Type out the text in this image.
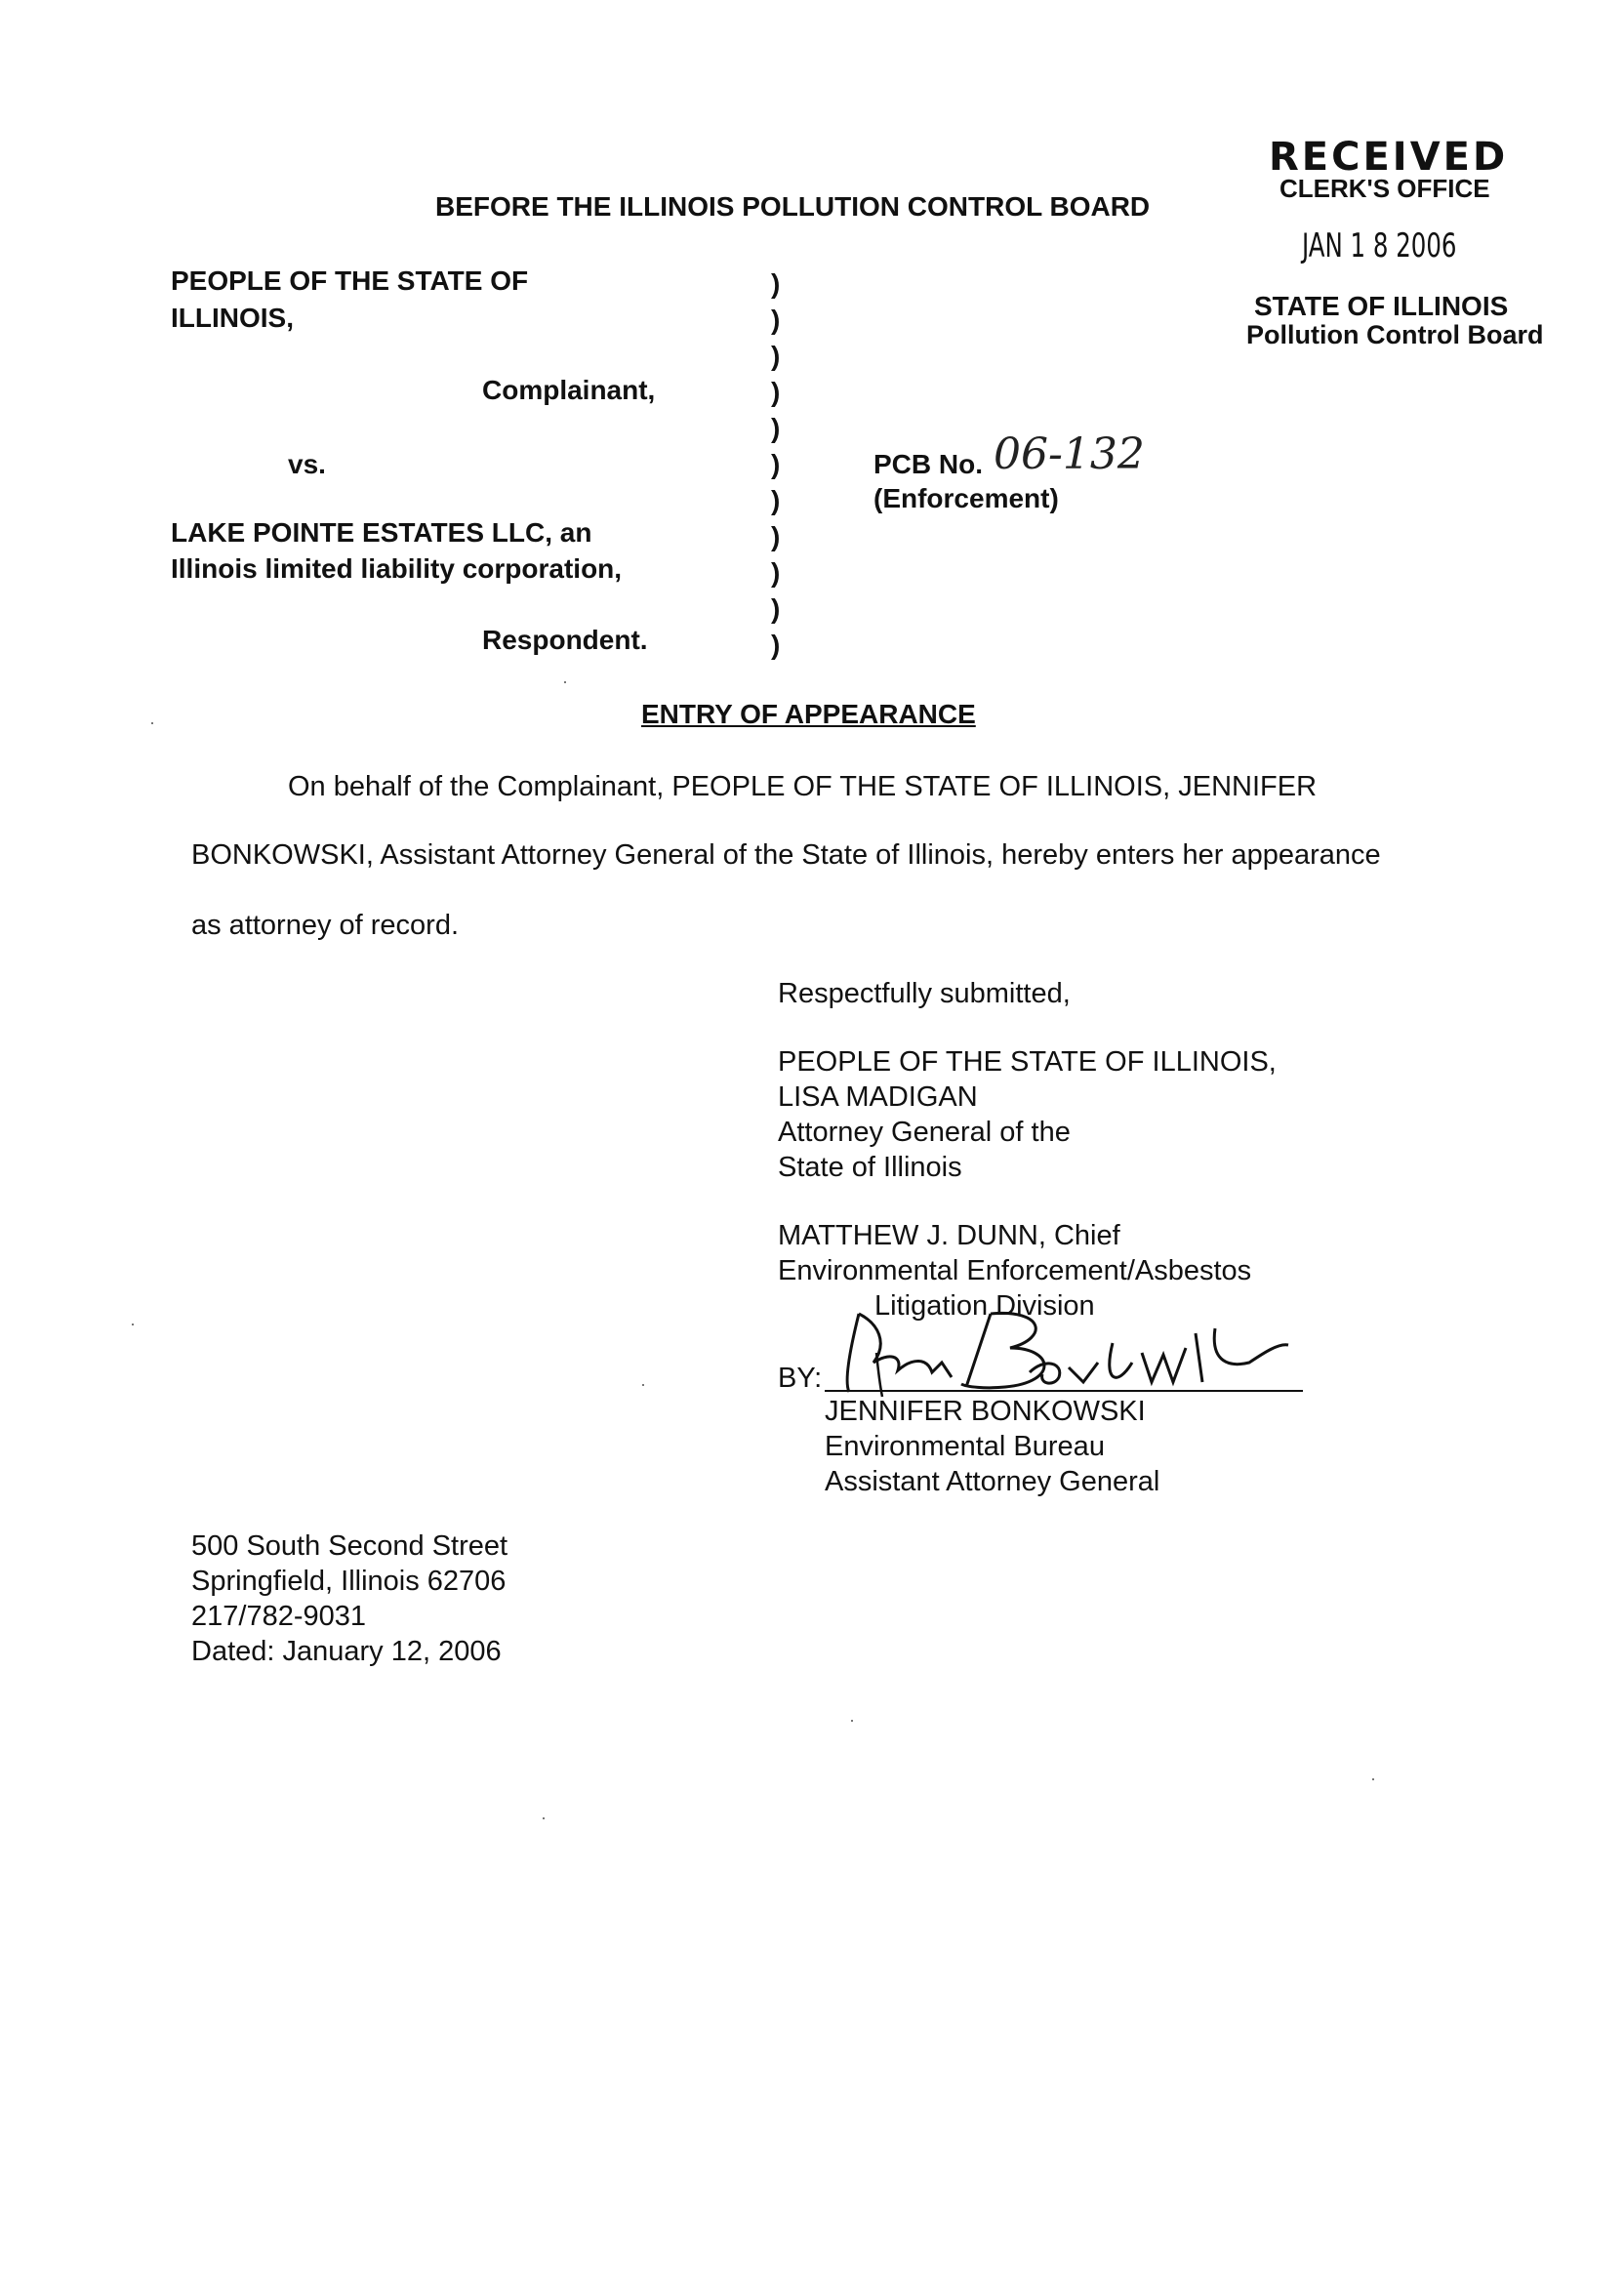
RECEIVED
CLERK'S OFFICE
JAN 1 8 2006
STATE OF ILLINOIS
Pollution Control Board
BEFORE THE ILLINOIS POLLUTION CONTROL BOARD
PEOPLE OF THE STATE OF
ILLINOIS,
Complainant,
vs.
LAKE POINTE ESTATES LLC, an
Illinois limited liability corporation,
Respondent.
)
)
)
)
)
)
)
)
)
)
)
PCB No. 06-132
(Enforcement)
ENTRY OF APPEARANCE
On behalf of the Complainant, PEOPLE OF THE STATE OF ILLINOIS, JENNIFER
BONKOWSKI, Assistant Attorney General of the State of Illinois, hereby enters her appearance
as attorney of record.
Respectfully submitted,
PEOPLE OF THE STATE OF ILLINOIS,
LISA MADIGAN
Attorney General of the
State of Illinois
MATTHEW J. DUNN, Chief
Environmental Enforcement/Asbestos
Litigation Division
BY:
JENNIFER BONKOWSKI
Environmental Bureau
Assistant Attorney General
500 South Second Street
Springfield, Illinois 62706
217/782-9031
Dated: January 12, 2006
